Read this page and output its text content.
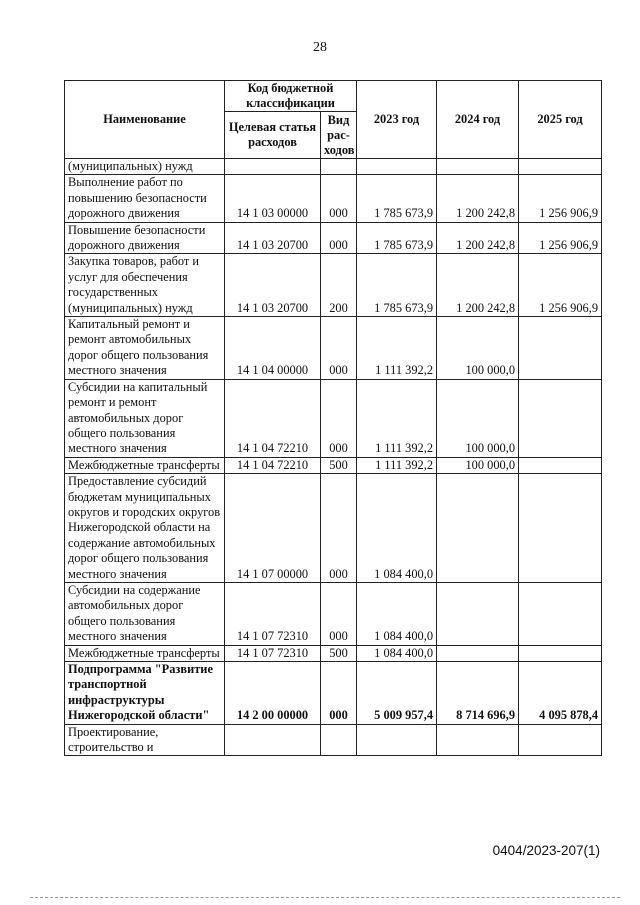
28
Наименование	Код бюджетной классификации		2023 год	2024 год	2025 год
	Целевая статья расходов	Вид рас-ходов			
(муниципальных) нужд					
Выполнение работ по повышению безопасности дорожного движения	14 1 03 00000	000	1 785 673,9	1 200 242,8	1 256 906,9
Повышение безопасности дорожного движения	14 1 03 20700	000	1 785 673,9	1 200 242,8	1 256 906,9
Закупка товаров, работ и услуг для обеспечения государственных (муниципальных) нужд	14 1 03 20700	200	1 785 673,9	1 200 242,8	1 256 906,9
Капитальный ремонт и ремонт автомобильных дорог общего пользования местного значения	14 1 04 00000	000	1 111 392,2	100 000,0	
Субсидии на капитальный ремонт и ремонт автомобильных дорог общего пользования местного значения	14 1 04 72210	000	1 111 392,2	100 000,0	
Межбюджетные трансферты	14 1 04 72210	500	1 111 392,2	100 000,0	
Предоставление субсидий бюджетам муниципальных округов и городских округов Нижегородской области на содержание автомобильных дорог общего пользования местного значения	14 1 07 00000	000	1 084 400,0		
Субсидии на содержание автомобильных дорог общего пользования местного значения	14 1 07 72310	000	1 084 400,0		
Межбюджетные трансферты	14 1 07 72310	500	1 084 400,0		
Подпрограмма "Развитие транспортной инфраструктуры Нижегородской области"	14 2 00 00000	000	5 009 957,4	8 714 696,9	4 095 878,4
Проектирование, строительство и					
0404/2023-207(1)
